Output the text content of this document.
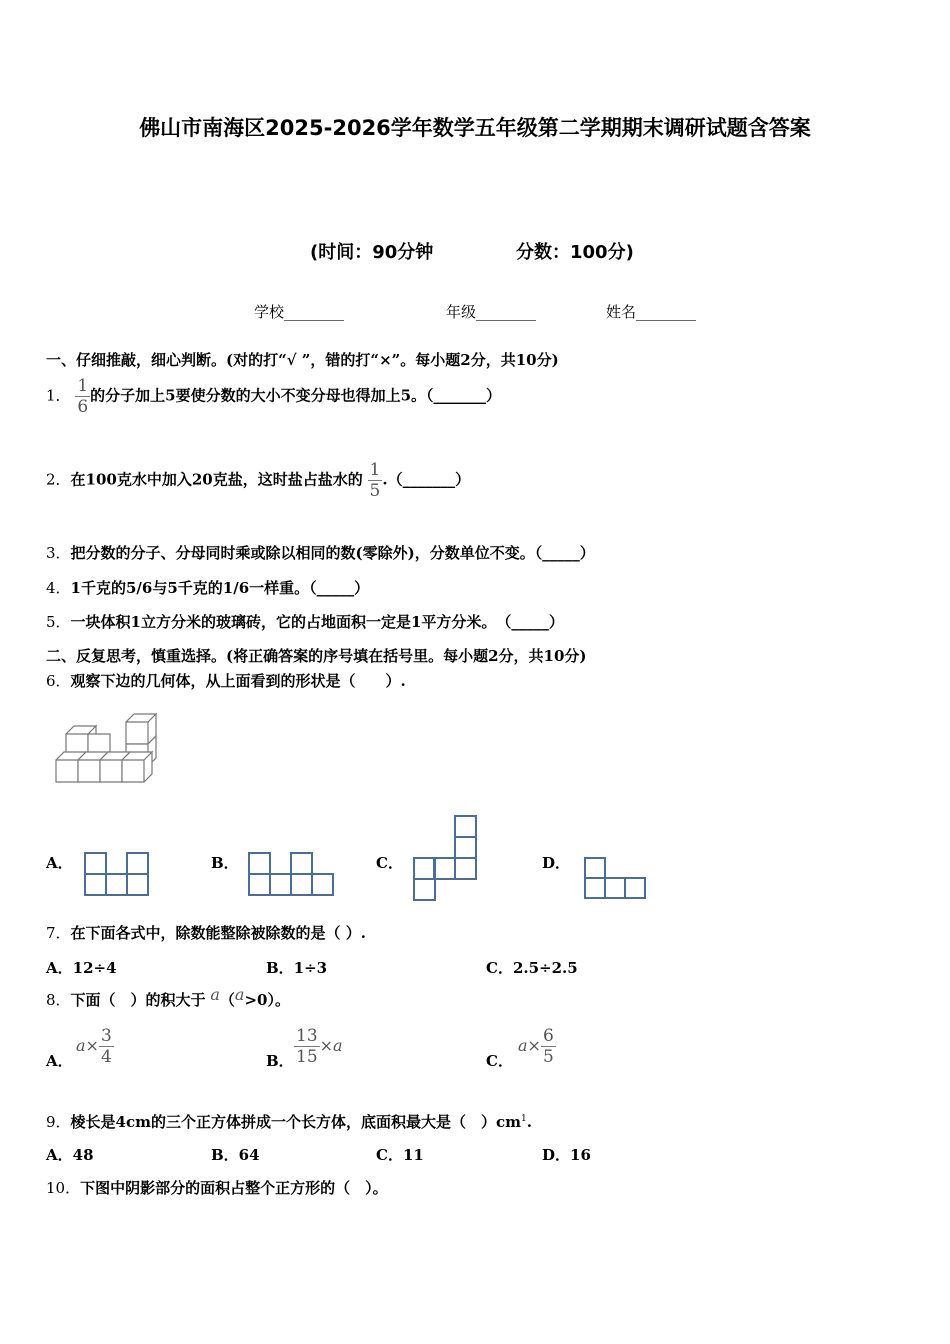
佛山市南海区2025-2026学年数学五年级第二学期期末调研试题含答案
(时间：90分钟	分数：100分)
学校________	年级________	姓名________
一、仔细推敲，细心判断。(对的打“√ ”，错的打“×”。每小题2分，共10分)
1． $\frac{1}{6}$ 的分子加上5要使分数的大小不变分母也得加上5。（_______）
2．在100克水中加入20克盐，这时盐占盐水的 $\frac{1}{5}$ .（_______）
3．把分数的分子、分母同时乘或除以相同的数(零除外)，分数单位不变。（_____）
4．1千克的5/6与5千克的1/6一样重。（_____）
5．一块体积1立方分米的玻璃砖，它的占地面积一定是1平方分米。　（_____）
二、反复思考，慎重选择。(将正确答案的序号填在括号里。每小题2分，共10分)
6．观察下边的几何体，从上面看到的形状是（　　）.
A．	B．	C．	D．
7．在下面各式中，除数能整除被除数的是（ ）.
A．12÷4	B．1÷3	C．2.5÷2.5
8．下面（　）的积大于 a（a>0）。
A．
$a\times \frac{3}{4}$	B． $\frac{13}{15} \times a$
C．
$a\times \frac{6}{5}$
9．棱长是4cm的三个正方体拼成一个长方体，底面积最大是（　）$cm^1$.
A．48	B．64	C．11	D．16
10．下图中阴影部分的面积占整个正方形的（　）。
